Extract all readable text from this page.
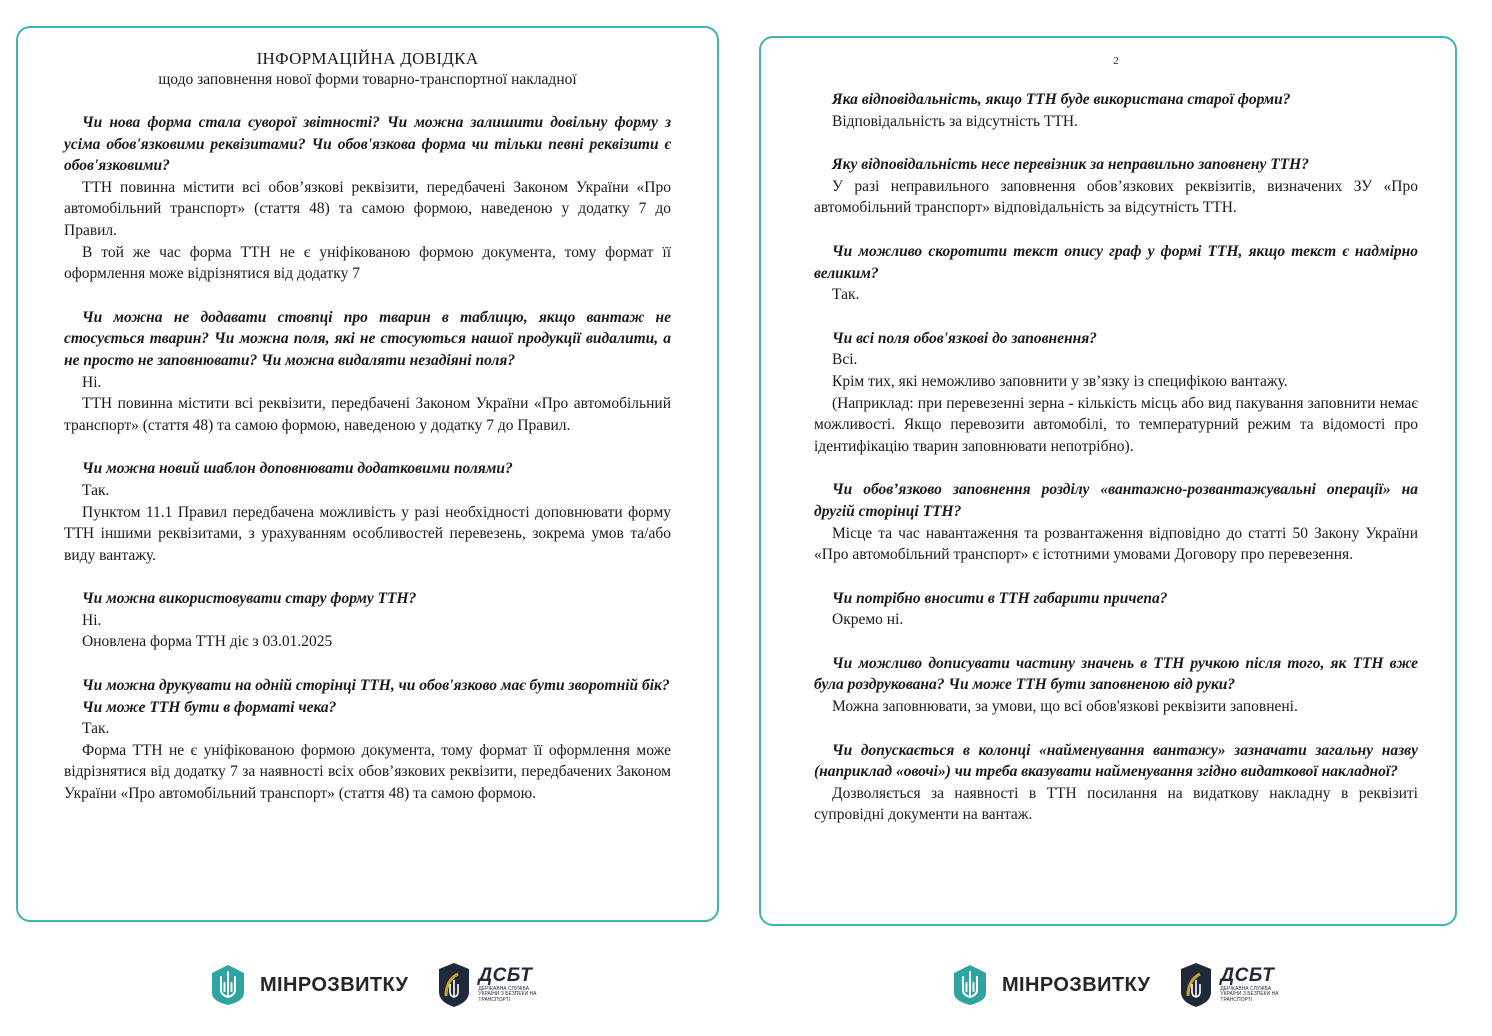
ІНФОРМАЦІЙНА ДОВІДКА
щодо заповнення нової форми товарно-транспортної накладної

Чи нова форма стала суворої звітності? Чи можна залишити довільну форму з усіма обов'язковими реквізитами? Чи обов'язкова форма чи тільки певні реквізити є обов'язковими?

ТТН повинна містити всі обов’язкові реквізити, передбачені Законом України «Про автомобільний транспорт» (стаття 48) та самою формою, наведеною у додатку 7 до Правил.

В той же час форма ТТН не є уніфікованою формою документа, тому формат її оформлення може відрізнятися від додатку 7

Чи можна не додавати стовпці про тварин в таблицю, якщо вантаж не стосується тварин? Чи можна поля, які не стосуються нашої продукції видалити, а не просто не заповнювати? Чи можна видаляти незадіяні поля?

Ні.

ТТН повинна містити всі реквізити, передбачені Законом України «Про автомобільний транспорт» (стаття 48) та самою формою, наведеною у додатку 7 до Правил.

Чи можна новий шаблон доповнювати додатковими полями?

Так.

Пунктом 11.1 Правил передбачена можливість у разі необхідності доповнювати форму ТТН іншими реквізитами, з урахуванням особливостей перевезень, зокрема умов та/або виду вантажу.

Чи можна використовувати стару форму ТТН?

Ні.

Оновлена форма ТТН діє з 03.01.2025

Чи можна друкувати на одній сторінці ТТН, чи обов'язково має бути зворотній бік?

Чи може ТТН бути в форматі чека?

Так.

Форма ТТН не є уніфікованою формою документа, тому формат її оформлення може відрізнятися від додатку 7 за наявності всіх обов’язкових реквізити, передбачених Законом України «Про автомобільний транспорт» (стаття 48) та самою формою.

2

Яка відповідальність, якщо ТТН буде використана старої форми?

Відповідальність за відсутність ТТН.

Яку відповідальність несе перевізник за неправильно заповнену ТТН?

У разі неправильного заповнення обов’язкових реквізитів, визначених ЗУ «Про автомобільний транспорт» відповідальність за відсутність ТТН.

Чи можливо скоротити текст опису граф у формі ТТН, якщо текст є надмірно великим?

Так.

Чи всі поля обов'язкові до заповнення?

Всі.

Крім тих, які неможливо заповнити у зв’язку із специфікою вантажу.

(Наприклад: при перевезенні зерна - кількість місць або вид пакування заповнити немає можливості. Якщо перевозити автомобілі, то температурний режим та відомості про ідентифікацію тварин заповнювати непотрібно).

Чи обов’язково заповнення розділу «вантажно-розвантажувальні операції» на другій сторінці ТТН?

Місце та час навантаження та розвантаження відповідно до статті 50 Закону України «Про автомобільний транспорт» є істотними умовами Договору про перевезення.

Чи потрібно вносити в ТТН габарити причепа?

Окремо ні.

Чи можливо дописувати частину значень в ТТН ручкою після того, як ТТН вже була роздрукована? Чи може ТТН бути заповненою від руки?

Можна заповнювати, за умови, що всі обов'язкові реквізити заповнені.

Чи допускається в колонці «найменування вантажу» зазначати загальну назву (наприклад «овочі») чи треба вказувати найменування згідно видаткової накладної?

Дозволяється за наявності в ТТН посилання на видаткову накладну в реквізиті супровідні документи на вантаж.

МІНРОЗВИТКУ	ДСБТ
ДЕРЖАВНА СЛУЖБА УКРАЇНИ З БЕЗПЕКИ НА ТРАНСПОРТІ
МІНРОЗВИТКУ	ДСБТ
ДЕРЖАВНА СЛУЖБА УКРАЇНИ З БЕЗПЕКИ НА ТРАНСПОРТІ
